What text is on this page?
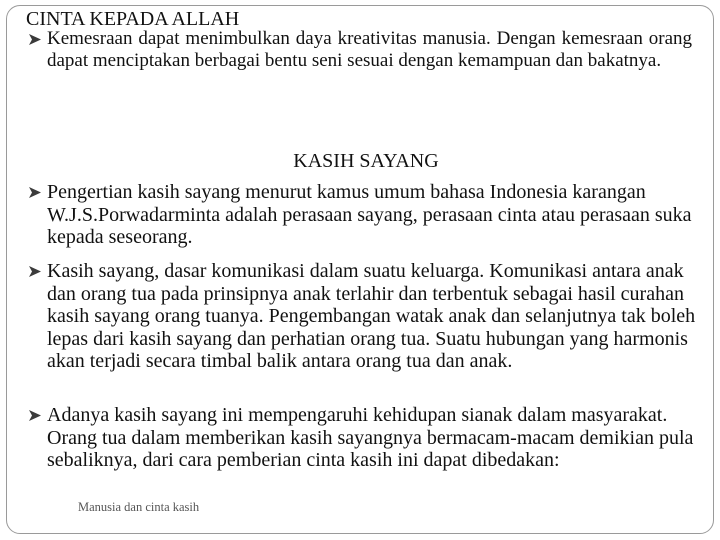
CINTA KEPADA ALLAH
Kemesraan dapat menimbulkan daya kreativitas manusia. Dengan kemesraan orang dapat menciptakan berbagai bentu seni sesuai dengan kemampuan dan bakatnya.
KASIH SAYANG
Pengertian kasih sayang menurut kamus umum bahasa Indonesia karangan W.J.S.Porwadarminta adalah perasaan sayang, perasaan cinta atau perasaan suka kepada seseorang.
Kasih sayang, dasar komunikasi dalam suatu keluarga. Komunikasi antara anak dan orang tua pada prinsipnya anak terlahir dan terbentuk sebagai hasil curahan kasih sayang orang tuanya. Pengembangan watak anak dan selanjutnya tak boleh lepas dari kasih sayang dan perhatian orang tua. Suatu hubungan yang harmonis akan terjadi secara timbal balik antara orang tua dan anak.
Adanya kasih sayang ini mempengaruhi kehidupan sianak dalam masyarakat. Orang tua dalam memberikan kasih sayangnya bermacam-macam demikian pula sebaliknya, dari cara pemberian cinta kasih ini dapat dibedakan:
Manusia dan cinta kasih
